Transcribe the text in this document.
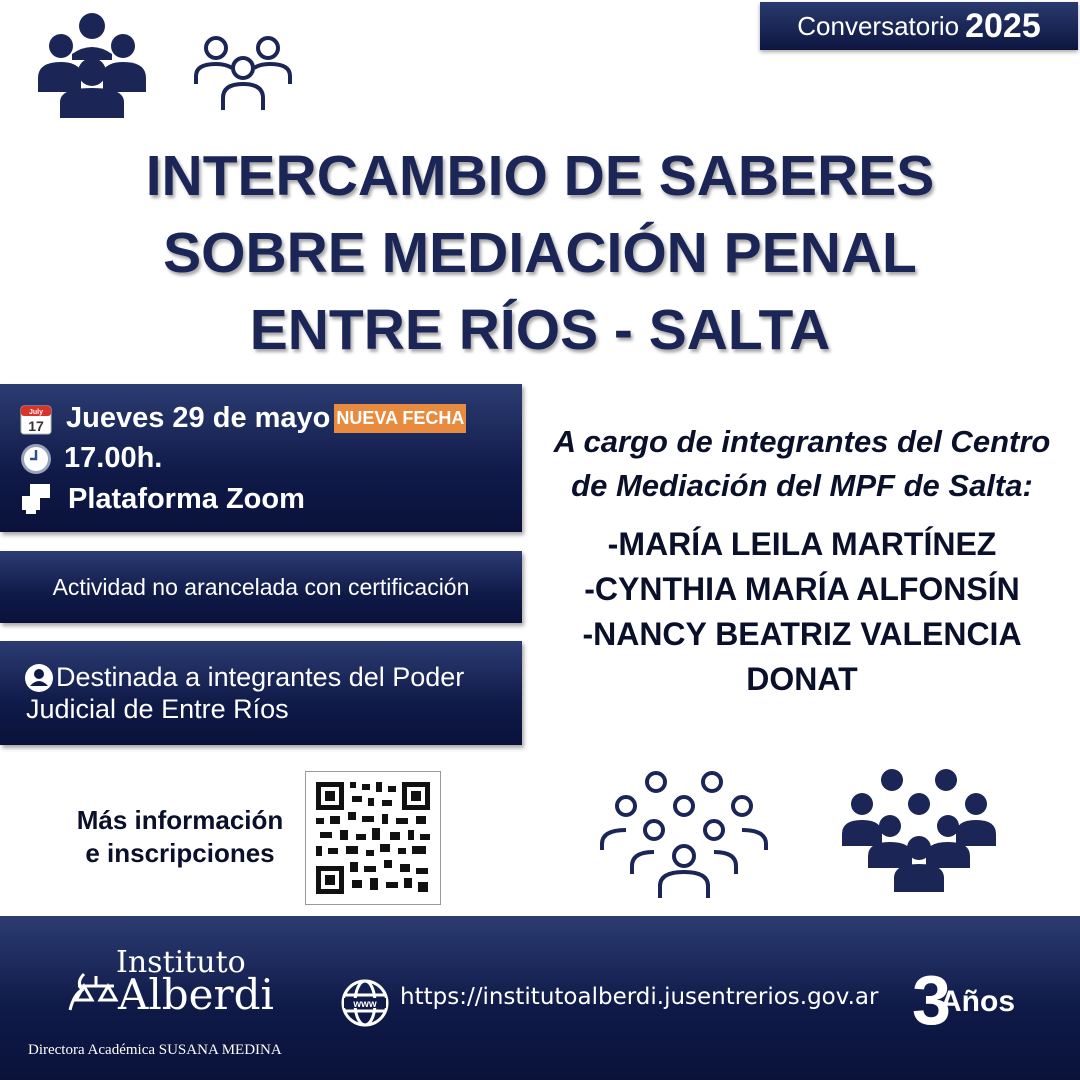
Conversatorio 2025
INTERCAMBIO DE SABERES
SOBRE MEDIACIÓN PENAL
ENTRE RÍOS - SALTA
July
17 Jueves 29 de mayo NUEVA FECHA
17.00h.
Plataforma Zoom
Actividad no arancelada con certificación
Destinada a integrantes del Poder Judicial de Entre Ríos
A cargo de integrantes del Centro de Mediación del MPF de Salta:
-MARÍA LEILA MARTÍNEZ
-CYNTHIA MARÍA ALFONSÍN
-NANCY BEATRIZ VALENCIA
DONAT
Más información
e inscripciones
Instituto
Alberdi
Directora Académica SUSANA MEDINA
www https://institutoalberdi.jusentrerios.gov.ar 3
Años
